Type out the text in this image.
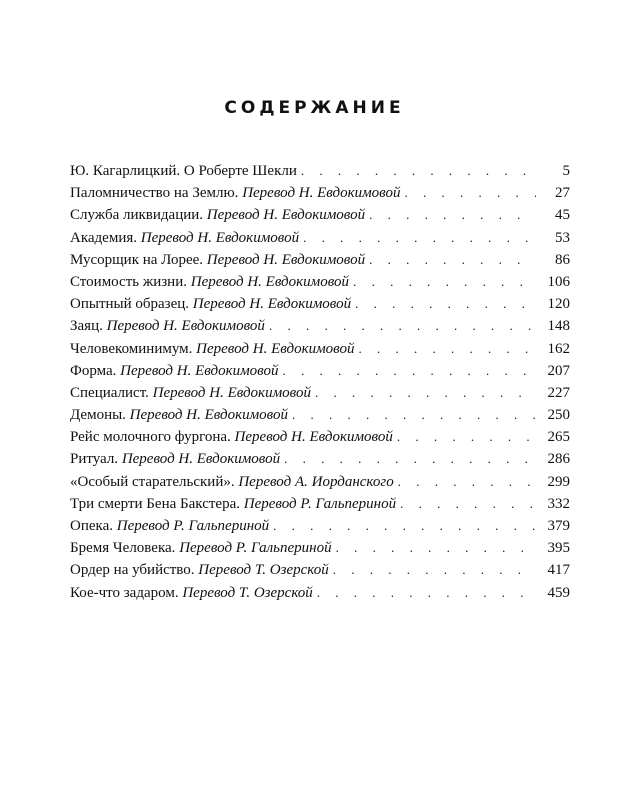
СОДЕРЖАНИЕ
Ю. Кагарлицкий. О Роберте Шекли . . .	5
Паломничество на Землю. Перевод Н. Евдокимовой . . .	27
Служба ликвидации. Перевод Н. Евдокимовой . . .	45
Академия. Перевод Н. Евдокимовой . . .	53
Мусорщик на Лорее. Перевод Н. Евдокимовой . . .	86
Стоимость жизни. Перевод Н. Евдокимовой . . .	106
Опытный образец. Перевод Н. Евдокимовой . . .	120
Заяц. Перевод Н. Евдокимовой . . .	148
Человекоминимум. Перевод Н. Евдокимовой . . .	162
Форма. Перевод Н. Евдокимовой . . .	207
Специалист. Перевод Н. Евдокимовой . . .	227
Демоны. Перевод Н. Евдокимовой . . .	250
Рейс молочного фургона. Перевод Н. Евдокимовой . . .	265
Ритуал. Перевод Н. Евдокимовой . . .	286
«Особый старательский». Перевод А. Иорданского . . .	299
Три смерти Бена Бакстера. Перевод Р. Гальпериной . . .	332
Опека. Перевод Р. Гальпериной . . .	379
Бремя Человека. Перевод Р. Гальпериной . . .	395
Ордер на убийство. Перевод Т. Озерской . . .	417
Кое-что задаром. Перевод Т. Озерской . . .	459
